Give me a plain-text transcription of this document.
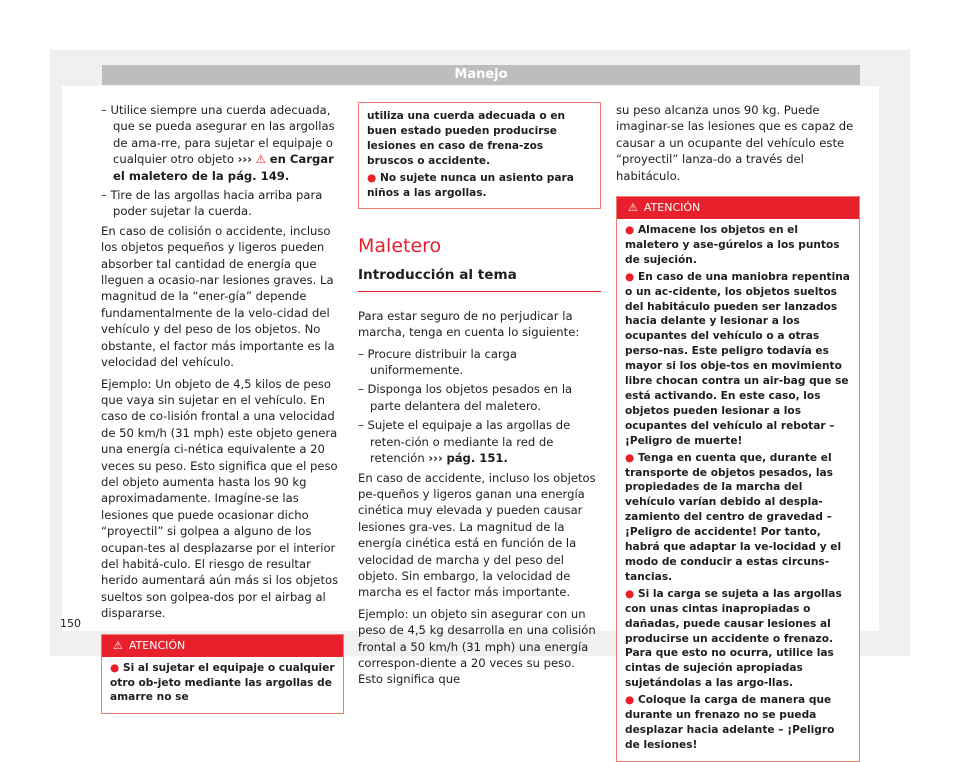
Manejo

– Utilice siempre una cuerda adecuada, que se pueda asegurar en las argollas de ama-rre, para sujetar el equipaje o cualquier otro objeto ››› ⚠ en Cargar el maletero de la pág. 149.

– Tire de las argollas hacia arriba para poder sujetar la cuerda.

En caso de colisión o accidente, incluso los objetos pequeños y ligeros pueden absorber tal cantidad de energía que lleguen a ocasio-nar lesiones graves. La magnitud de la “ener-gía” depende fundamentalmente de la velo-cidad del vehículo y del peso de los objetos. No obstante, el factor más importante es la velocidad del vehículo.

Ejemplo: Un objeto de 4,5 kilos de peso que vaya sin sujetar en el vehículo. En caso de co-lisión frontal a una velocidad de 50 km/h (31 mph) este objeto genera una energía ci-nética equivalente a 20 veces su peso. Esto significa que el peso del objeto aumenta hasta los 90 kg aproximadamente. Imagíne-se las lesiones que puede ocasionar dicho “proyectil” si golpea a alguno de los ocupan-tes al desplazarse por el interior del habitá-culo. El riesgo de resultar herido aumentará aún más si los objetos sueltos son golpea-dos por el airbag al dispararse.

⚠ ATENCIÓN
● Si al sujetar el equipaje o cualquier otro ob-jeto mediante las argollas de amarre no se
utiliza una cuerda adecuada o en buen estado pueden producirse lesiones en caso de frena-zos bruscos o accidente.
● No sujete nunca un asiento para niños a las argollas.
Maletero
Introducción al tema

Para estar seguro de no perjudicar la marcha, tenga en cuenta lo siguiente:

– Procure distribuir la carga uniformemente.

– Disponga los objetos pesados en la parte delantera del maletero.

– Sujete el equipaje a las argollas de reten-ción o mediante la red de retención ››› pág. 151.

En caso de accidente, incluso los objetos pe-queños y ligeros ganan una energía cinética muy elevada y pueden causar lesiones gra-ves. La magnitud de la energía cinética está en función de la velocidad de marcha y del peso del objeto. Sin embargo, la velocidad de marcha es el factor más importante.

Ejemplo: un objeto sin asegurar con un peso de 4,5 kg desarrolla en una colisión frontal a 50 km/h (31 mph) una energía correspon-diente a 20 veces su peso. Esto significa que

su peso alcanza unos 90 kg. Puede imaginar-se las lesiones que es capaz de causar a un ocupante del vehículo este “proyectil” lanza-do a través del habitáculo.

⚠ ATENCIÓN
● Almacene los objetos en el maletero y ase-gúrelos a los puntos de sujeción.
● En caso de una maniobra repentina o un ac-cidente, los objetos sueltos del habitáculo pueden ser lanzados hacia delante y lesionar a los ocupantes del vehículo o a otras perso-nas. Este peligro todavía es mayor si los obje-tos en movimiento libre chocan contra un air-bag que se está activando. En este caso, los objetos pueden lesionar a los ocupantes del vehículo al rebotar – ¡Peligro de muerte!
● Tenga en cuenta que, durante el transporte de objetos pesados, las propiedades de la marcha del vehículo varían debido al despla-zamiento del centro de gravedad – ¡Peligro de accidente! Por tanto, habrá que adaptar la ve-locidad y el modo de conducir a estas circuns-tancias.
● Si la carga se sujeta a las argollas con unas cintas inapropiadas o dañadas, puede causar lesiones al producirse un accidente o frenazo. Para que esto no ocurra, utilice las cintas de sujeción apropiadas sujetándolas a las argo-llas.
● Coloque la carga de manera que durante un frenazo no se pueda desplazar hacia adelante – ¡Peligro de lesiones!
150
